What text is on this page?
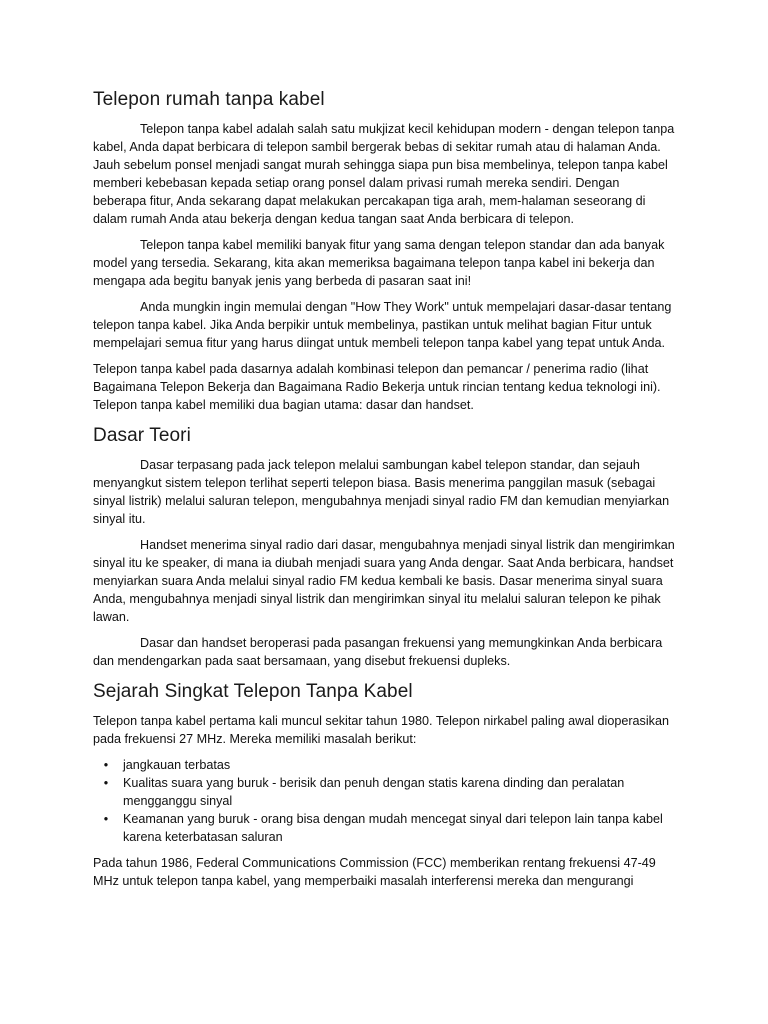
Telepon rumah tanpa kabel

Telepon tanpa kabel adalah salah satu mukjizat kecil kehidupan modern - dengan telepon tanpa kabel, Anda dapat berbicara di telepon sambil bergerak bebas di sekitar rumah atau di halaman Anda. Jauh sebelum ponsel menjadi sangat murah sehingga siapa pun bisa membelinya, telepon tanpa kabel memberi kebebasan kepada setiap orang ponsel dalam privasi rumah mereka sendiri. Dengan beberapa fitur, Anda sekarang dapat melakukan percakapan tiga arah, mem-halaman seseorang di dalam rumah Anda atau bekerja dengan kedua tangan saat Anda berbicara di telepon.

Telepon tanpa kabel memiliki banyak fitur yang sama dengan telepon standar dan ada banyak model yang tersedia. Sekarang, kita akan memeriksa bagaimana telepon tanpa kabel ini bekerja dan mengapa ada begitu banyak jenis yang berbeda di pasaran saat ini!

Anda mungkin ingin memulai dengan "How They Work" untuk mempelajari dasar-dasar tentang telepon tanpa kabel. Jika Anda berpikir untuk membelinya, pastikan untuk melihat bagian Fitur untuk mempelajari semua fitur yang harus diingat untuk membeli telepon tanpa kabel yang tepat untuk Anda.

Telepon tanpa kabel pada dasarnya adalah kombinasi telepon dan pemancar / penerima radio (lihat Bagaimana Telepon Bekerja dan Bagaimana Radio Bekerja untuk rincian tentang kedua teknologi ini). Telepon tanpa kabel memiliki dua bagian utama: dasar dan handset.

Dasar Teori

Dasar terpasang pada jack telepon melalui sambungan kabel telepon standar, dan sejauh menyangkut sistem telepon terlihat seperti telepon biasa. Basis menerima panggilan masuk (sebagai sinyal listrik) melalui saluran telepon, mengubahnya menjadi sinyal radio FM dan kemudian menyiarkan sinyal itu.

Handset menerima sinyal radio dari dasar, mengubahnya menjadi sinyal listrik dan mengirimkan sinyal itu ke speaker, di mana ia diubah menjadi suara yang Anda dengar. Saat Anda berbicara, handset menyiarkan suara Anda melalui sinyal radio FM kedua kembali ke basis. Dasar menerima sinyal suara Anda, mengubahnya menjadi sinyal listrik dan mengirimkan sinyal itu melalui saluran telepon ke pihak lawan.

Dasar dan handset beroperasi pada pasangan frekuensi yang memungkinkan Anda berbicara dan mendengarkan pada saat bersamaan, yang disebut frekuensi dupleks.

Sejarah Singkat Telepon Tanpa Kabel

Telepon tanpa kabel pertama kali muncul sekitar tahun 1980. Telepon nirkabel paling awal dioperasikan pada frekuensi 27 MHz. Mereka memiliki masalah berikut:

• jangkauan terbatas
• Kualitas suara yang buruk - berisik dan penuh dengan statis karena dinding dan peralatan mengganggu sinyal
• Keamanan yang buruk - orang bisa dengan mudah mencegat sinyal dari telepon lain tanpa kabel karena keterbatasan saluran

Pada tahun 1986, Federal Communications Commission (FCC) memberikan rentang frekuensi 47-49 MHz untuk telepon tanpa kabel, yang memperbaiki masalah interferensi mereka dan mengurangi
